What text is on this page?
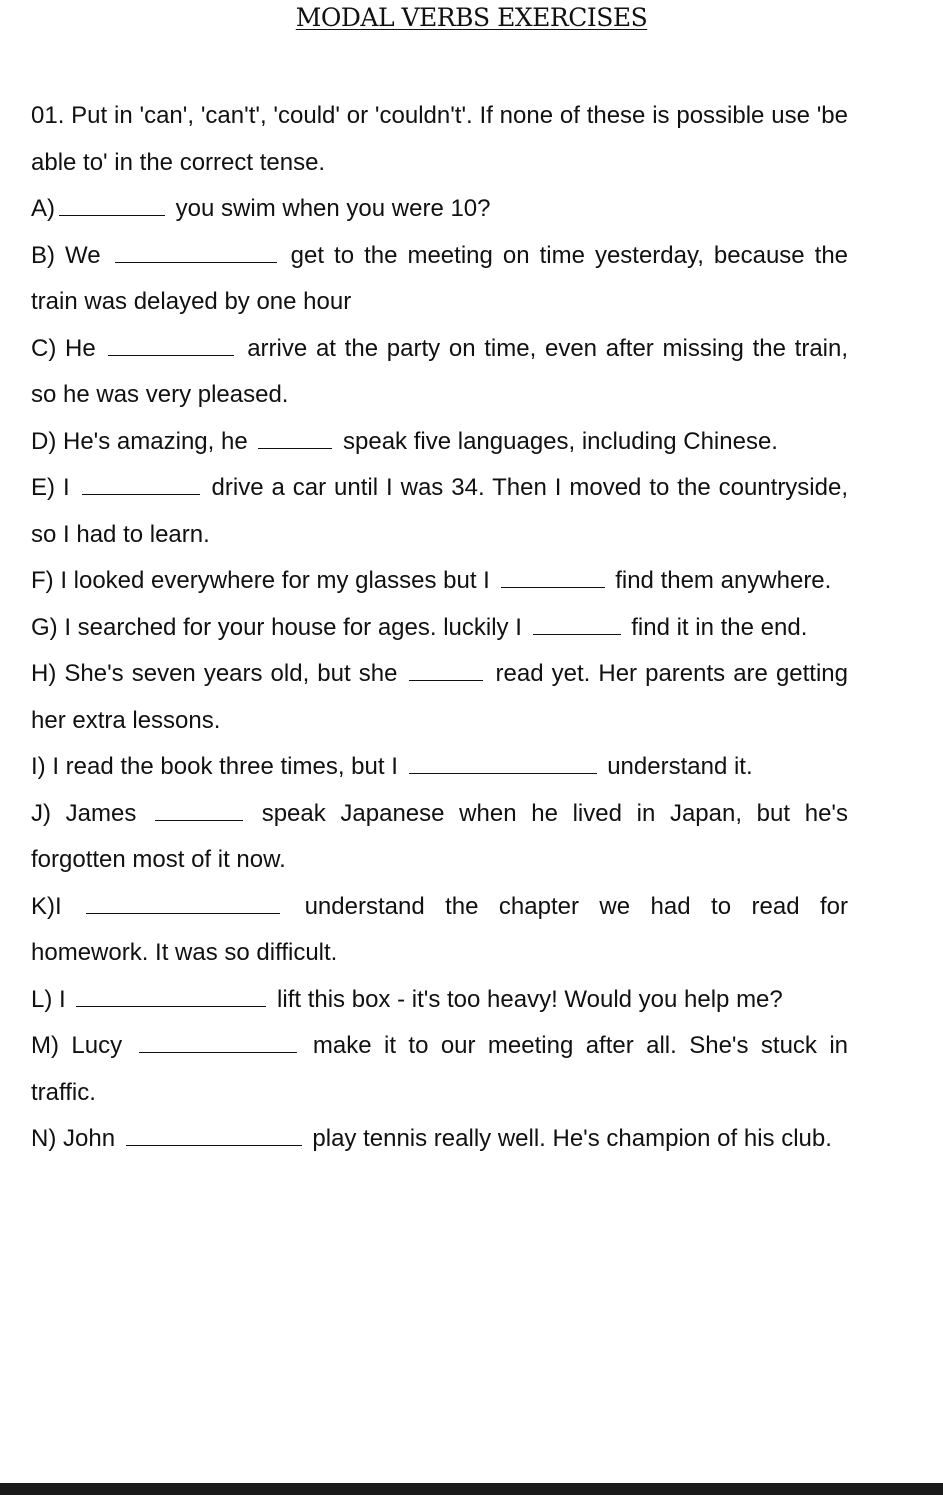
MODAL VERBS EXERCISES

01. Put in 'can', 'can't', 'could' or 'couldn't'. If none of these is possible use 'be able to' in the correct tense.

A)	you swim when you were 10?

B) We	get to the meeting on time yesterday, because the train was delayed by one hour

C) He	arrive at the party on time, even after missing the train, so he was very pleased.

D) He's amazing, he	speak five languages, including Chinese.

E) I	drive a car until I was 34. Then I moved to the countryside, so I had to learn.

F) I looked everywhere for my glasses but I	find them anywhere.

G) I searched for your house for ages. luckily I	find it in the end.

H) She's seven years old, but she	read yet. Her parents are getting her extra lessons.

I) I read the book three times, but I	understand it.

J) James	speak Japanese when he lived in Japan, but he's forgotten most of it now.

K)I	understand the chapter we had to read for homework. It was so difficult.

L) I	lift this box - it's too heavy! Would you help me?

M) Lucy	make it to our meeting after all. She's stuck in traffic.

N) John	play tennis really well. He's champion of his club.
